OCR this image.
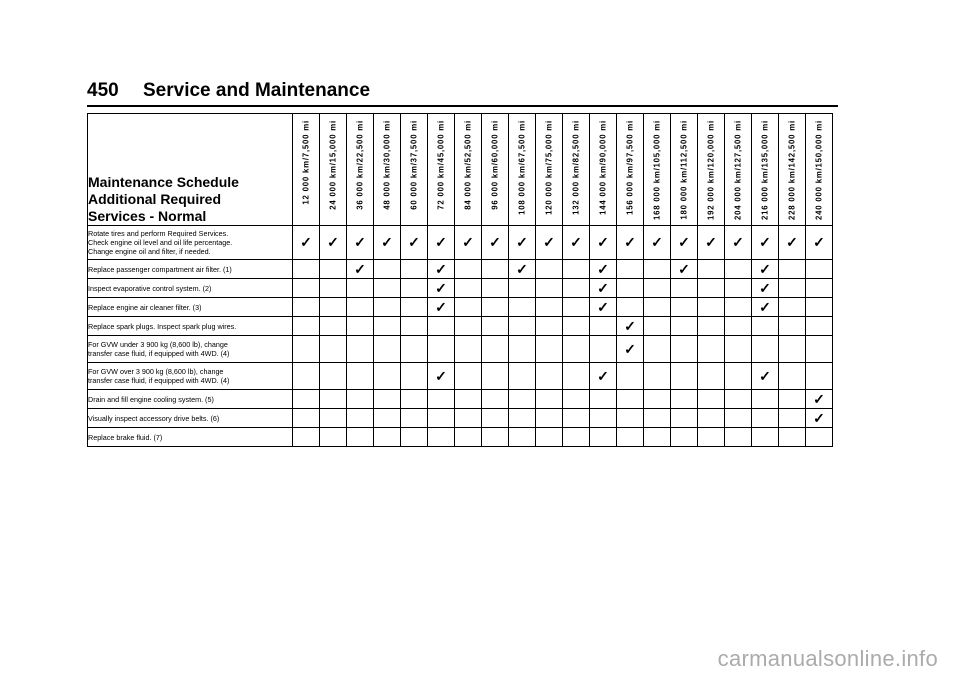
450 Service and Maintenance
Maintenance Schedule
Additional Required
Services - Normal	12 000 km/7,500 mi	24 000 km/15,000 mi	36 000 km/22,500 mi	48 000 km/30,000 mi	60 000 km/37,500 mi	72 000 km/45,000 mi	84 000 km/52,500 mi	96 000 km/60,000 mi	108 000 km/67,500 mi	120 000 km/75,000 mi	132 000 km/82,500 mi	144 000 km/90,000 mi	156 000 km/97,500 mi	168 000 km/105,000 mi	180 000 km/112,500 mi	192 000 km/120,000 mi	204 000 km/127,500 mi	216 000 km/135,000 mi	228 000 km/142,500 mi	240 000 km/150,000 mi

Rotate tires and perform Required Services.
Check engine oil level and oil life percentage.
Change engine oil and filter, if needed.	✓	✓	✓	✓	✓	✓	✓	✓	✓	✓	✓	✓	✓	✓	✓	✓	✓	✓	✓	✓

Replace passenger compartment air filter. (1)			✓			✓			✓			✓			✓			✓		

Inspect evaporative control system. (2)						✓						✓						✓		

Replace engine air cleaner filter. (3)						✓						✓						✓		

Replace spark plugs. Inspect spark plug wires.													✓							

For GVW under 3 900 kg (8,600 lb), change
transfer case fluid, if equipped with 4WD. (4)													✓							

For GVW over 3 900 kg (8,600 lb), change
transfer case fluid, if equipped with 4WD. (4)						✓						✓						✓		

Drain and fill engine cooling system. (5)																				✓

Visually inspect accessory drive belts. (6)																				✓

Replace brake fluid. (7)																				

carmanualsonline.info
